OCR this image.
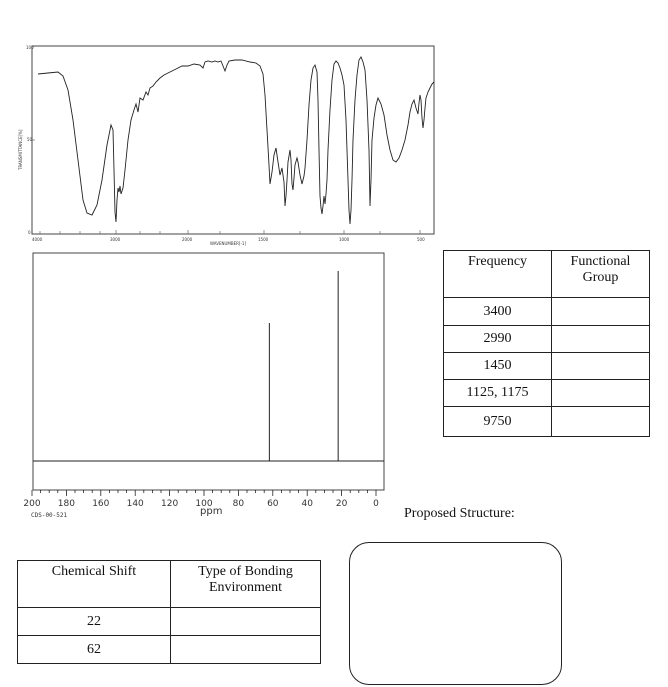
TRANSMITTANCE[%]
100
50
0
4000	3000	2000	1500	1000	500
WAVENUMBER[-1]
200 180 160 140 120 100 80	60	40	20	0
ppm
CDS-00-521
Frequency	Functional Group
3400	
2990	
1450	
1125, 1175	
9750	
Proposed Structure:
Chemical Shift	Type of Bonding Environment
22	
62	
